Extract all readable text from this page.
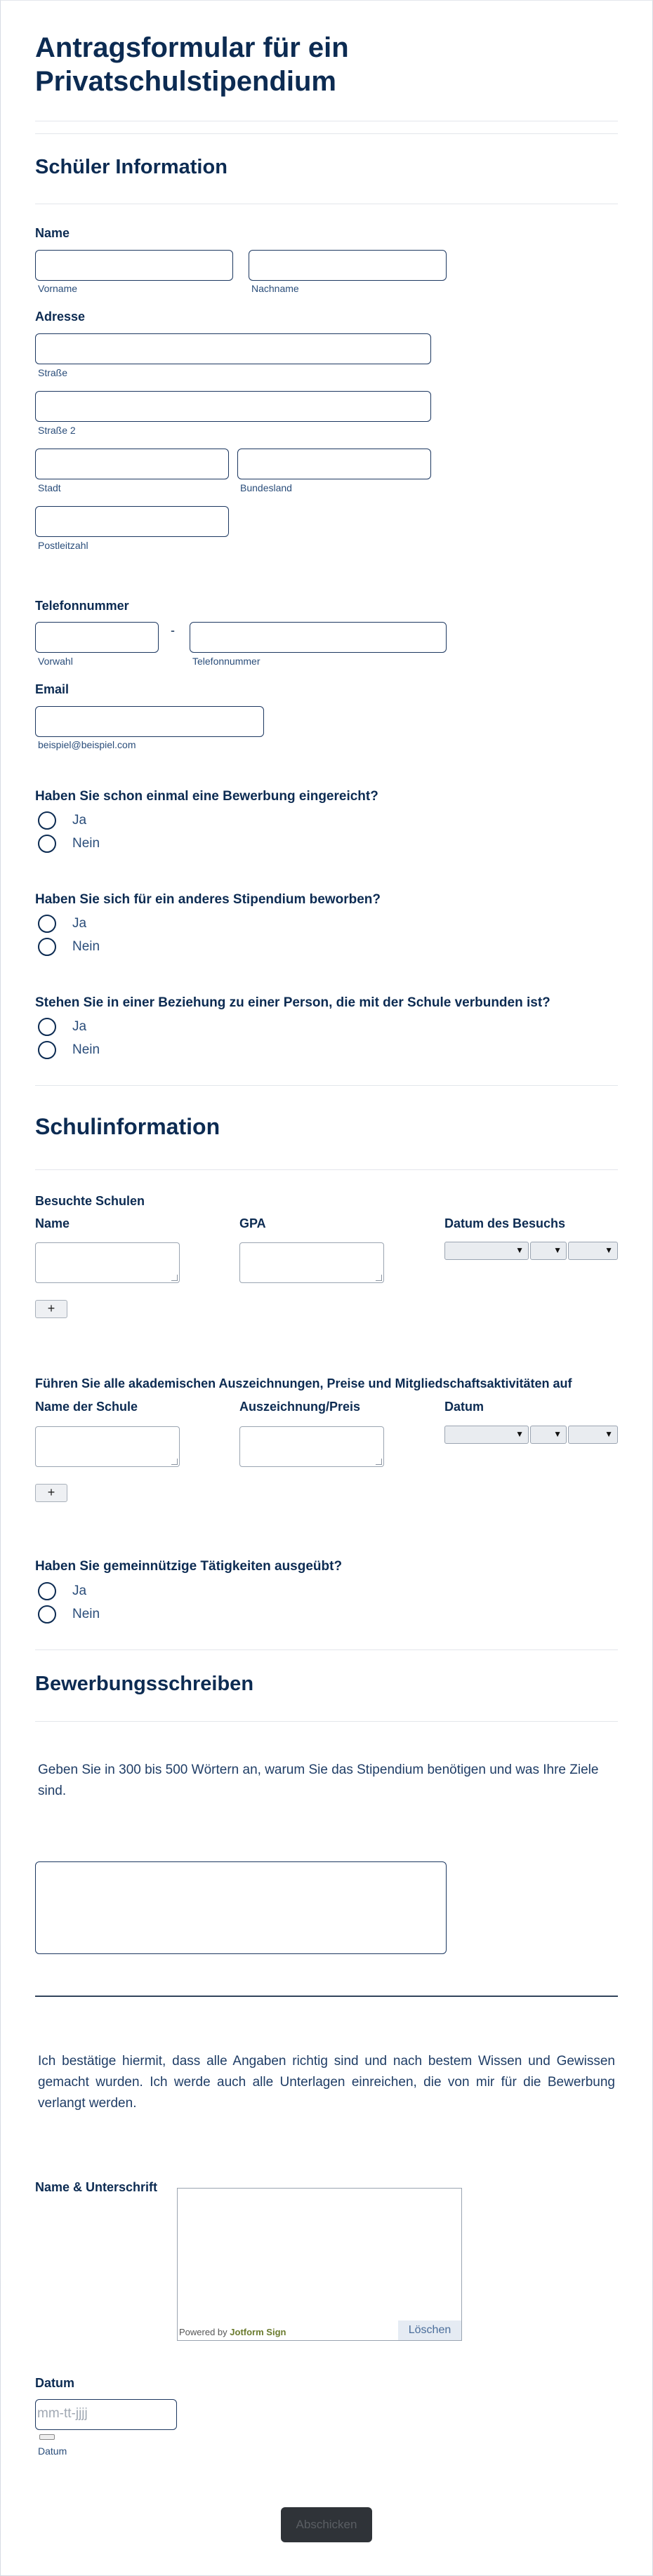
Antragsformular für ein Privatschulstipendium
Schüler Information
Name
Vorname	Nachname
Adresse
Straße
Straße 2
Stadt	Bundesland
Postleitzahl
Telefonnummer
-
Vorwahl	Telefonnummer
Email
beispiel@beispiel.com
Haben Sie schon einmal eine Bewerbung eingereicht?
Ja
Nein
Haben Sie sich für ein anderes Stipendium beworben?
Ja
Nein
Stehen Sie in einer Beziehung zu einer Person, die mit der Schule verbunden ist?
Ja
Nein
Schulinformation
Besuchte Schulen
Name	GPA	Datum des Besuchs
▼	▼	▼
+
Führen Sie alle akademischen Auszeichnungen, Preise und Mitgliedschaftsaktivitäten auf
Name der Schule	Auszeichnung/Preis	Datum
▼	▼	▼
+
Haben Sie gemeinnützige Tätigkeiten ausgeübt?
Ja
Nein
Bewerbungsschreiben
Geben Sie in 300 bis 500 Wörtern an, warum Sie das Stipendium benötigen und was Ihre Ziele sind.
Ich bestätige hiermit, dass alle Angaben richtig sind und nach bestem Wissen und Gewissen gemacht wurden. Ich werde auch alle Unterlagen einreichen, die von mir für die Bewerbung verlangt werden.
Name & Unterschrift
Powered by Jotform Sign	Löschen
Datum
mm-tt-jjjj
Datum
Abschicken
